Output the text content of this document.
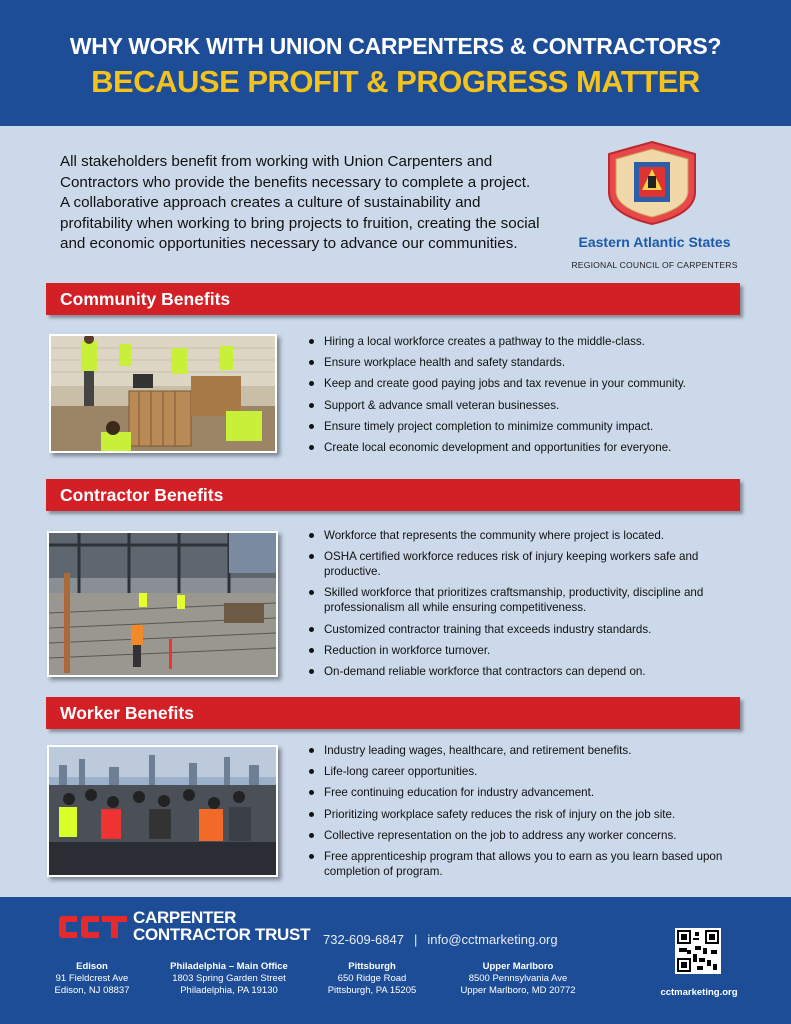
WHY WORK WITH UNION CARPENTERS & CONTRACTORS?
BECAUSE PROFIT & PROGRESS MATTER

All stakeholders benefit from working with Union Carpenters and Contractors who provide the benefits necessary to complete a project. A collaborative approach creates a culture of sustainability and profitability when working to bring projects to fruition, creating the social and economic opportunities necessary to advance our communities.	Eastern Atlantic States
REGIONAL COUNCIL OF CARPENTERS
Community Benefits
Hiring a local workforce creates a pathway to the middle-class.
Ensure workplace health and safety standards.
Keep and create good paying jobs and tax revenue in your community.
Support & advance small veteran businesses.
Ensure timely project completion to minimize community impact.
Create local economic development and opportunities for everyone.
Contractor Benefits
Workforce that represents the community where project is located.
OSHA certified workforce reduces risk of injury keeping workers safe and productive.
Skilled workforce that prioritizes craftsmanship, productivity, discipline and professionalism all while ensuring competitiveness.
Customized contractor training that exceeds industry standards.
Reduction in workforce turnover.
On-demand reliable workforce that contractors can depend on.
Worker Benefits
Industry leading wages, healthcare, and retirement benefits.
Life-long career opportunities.
Free continuing education for industry advancement.
Prioritizing workplace safety reduces the risk of injury on the job site.
Collective representation on the job to address any worker concerns.
Free apprenticeship program that allows you to earn as you learn based upon completion of program.
CARPENTER
CONTRACTOR TRUST 732-609-6847 | info@cctmarketing.org
Edison
91 Fieldcrest Ave
Edison, NJ 08837
Philadelphia – Main Office
1803 Spring Garden Street
Philadelphia, PA 19130
Pittsburgh
650 Ridge Road
Pittsburgh, PA 15205
Upper Marlboro
8500 Pennsylvania Ave
Upper Marlboro, MD 20772	cctmarketing.org
